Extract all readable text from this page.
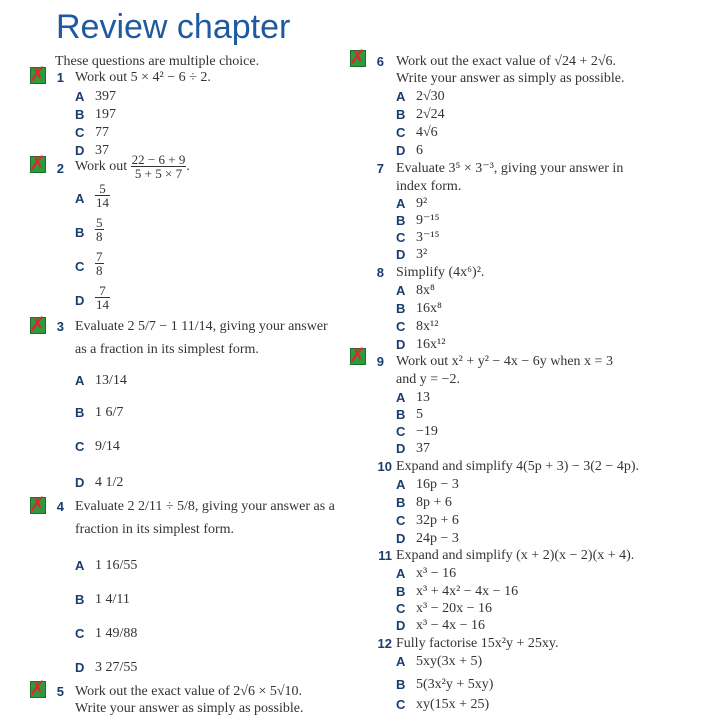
Review chapter
These questions are multiple choice.
✗ 1 Work out 5 × 4² − 6 ÷ 2.
A 397
B 197
C 77
D 37
✗ 2 Work out $\frac{22 - 6 + 9}{5 + 5 \times 7}$ .
A $\frac{5}{14}$
B $\frac{5}{8}$
C $\frac{7}{8}$
D $\frac{7}{14}$
✗ 3 Evaluate 2 5/7 − 1 11/14, giving your answer
as a fraction in its simplest form.
A 13/14
B 1 6/7
C 9/14
D 4 1/2
✗ 4 Evaluate 2 2/11 ÷ 5/8, giving your answer as a
fraction in its simplest form.
A 1 16/55
B 1 4/11
C 1 49/88
D 3 27/55
✗ 5 Work out the exact value of 2√6 × 5√10.
Write your answer as simply as possible.
✗ 6 Work out the exact value of √24 + 2√6.
Write your answer as simply as possible.
A 2√30
B 2√24
C 4√6
D 6
7 Evaluate 3⁵ × 3⁻³, giving your answer in
index form.
A 9²
B 9⁻¹⁵
C 3⁻¹⁵
D 3²
8 Simplify (4x⁶)².
A 8x⁸
B 16x⁸
C 8x¹²
D 16x¹²
✗ 9 Work out x² + y² − 4x − 6y when x = 3
and y = −2.
A 13
B 5
C −19
D 37
10 Expand and simplify 4(5p + 3) − 3(2 − 4p).
A 16p − 3
B 8p + 6
C 32p + 6
D 24p − 3
11 Expand and simplify (x + 2)(x − 2)(x + 4).
A x³ − 16
B x³ + 4x² − 4x − 16
C x³ − 20x − 16
D x³ − 4x − 16
12 Fully factorise 15x²y + 25xy.
A 5xy(3x + 5)
B 5(3x²y + 5xy)
C xy(15x + 25)
